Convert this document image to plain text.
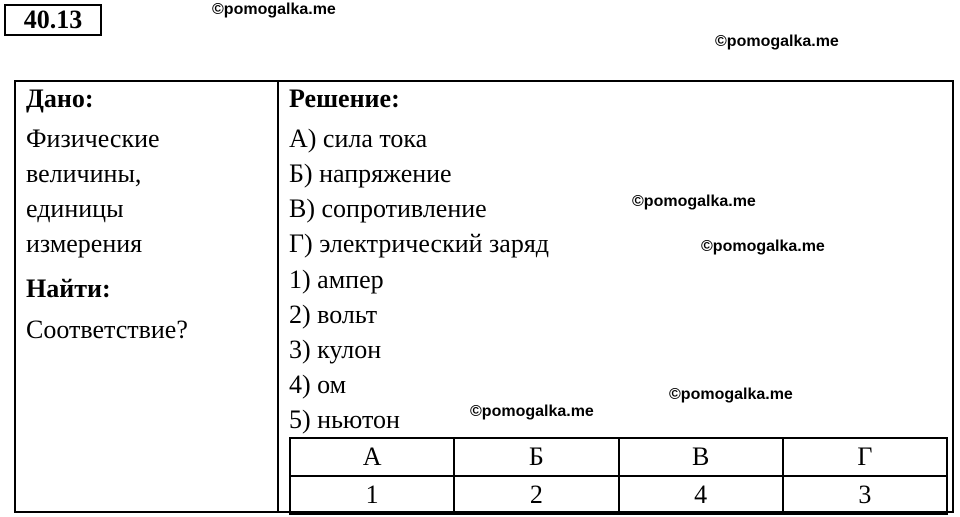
40.13	©pomogalka.me
©pomogalka.me
©pomogalka.me
©pomogalka.me
©pomogalka.me
©pomogalka.me
Дано:
Физические
величины,
единицы
измерения
Найти:
Соответствие?
Решение:
А) сила тока
Б) напряжение
В) сопротивление
Г) электрический заряд
1) ампер
2) вольт
3) кулон
4) ом
5) ньютон
А	Б	В	Г
1	2	4	3
